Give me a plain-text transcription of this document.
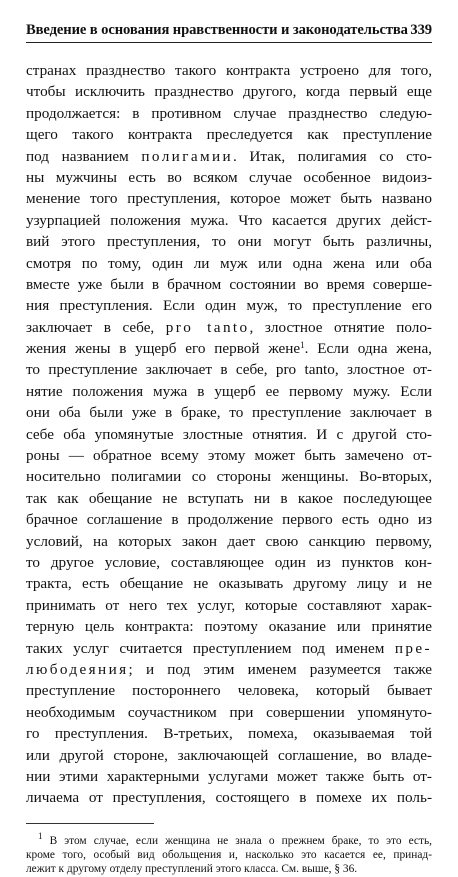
Введение в основания нравственности и законодательства 339
странах празднество такого контракта устроено для того,
чтобы исключить празднество другого, когда первый еще
продолжается: в противном случае празднество следую-
щего такого контракта преследуется как преступление
под названием полигамии. Итак, полигамия со сто-
ны мужчины есть во всяком случае особенное видоиз-
менение того преступления, которое может быть названо
узурпацией положения мужа. Что касается других дейст-
вий этого преступления, то они могут быть различны,
смотря по тому, один ли муж или одна жена или оба
вместе уже были в брачном состоянии во время соверше-
ния преступления. Если один муж, то преступление его
заключает в себе, pro tanto, злостное отнятие поло-
жения жены в ущерб его первой жене$^1$. Если одна жена,
то преступление заключает в себе, pro tanto, злостное от-
нятие положения мужа в ущерб ее первому мужу. Если
они оба были уже в браке, то преступление заключает в
себе оба упомянутые злостные отнятия. И с другой сто-
роны — обратное всему этому может быть замечено от-
носительно полигамии со стороны женщины. Во-вторых,
так как обещание не вступать ни в какое последующее
брачное соглашение в продолжение первого есть одно из
условий, на которых закон дает свою санкцию первому,
то другое условие, составляющее один из пунктов кон-
тракта, есть обещание не оказывать другому лицу и не
принимать от него тех услуг, которые составляют харак-
терную цель контракта: поэтому оказание или принятие
таких услуг считается преступлением под именем пре-
любодеяния; и под этим именем разумеется также
преступление постороннего человека, который бывает
необходимым соучастником при совершении упомянуто-
го преступления. В-третьих, помеха, оказываемая той
или другой стороне, заключающей соглашение, во владе-
нии этими характерными услугами может также быть от-
личаема от преступления, состоящего в помехе их поль-
$^1$ В этом случае, если женщина не знала о прежнем браке, то это есть,
кроме того, особый вид обольщения и, насколько это касается ее, принад-
лежит к другому отделу преступлений этого класса. См. выше, § 36.
